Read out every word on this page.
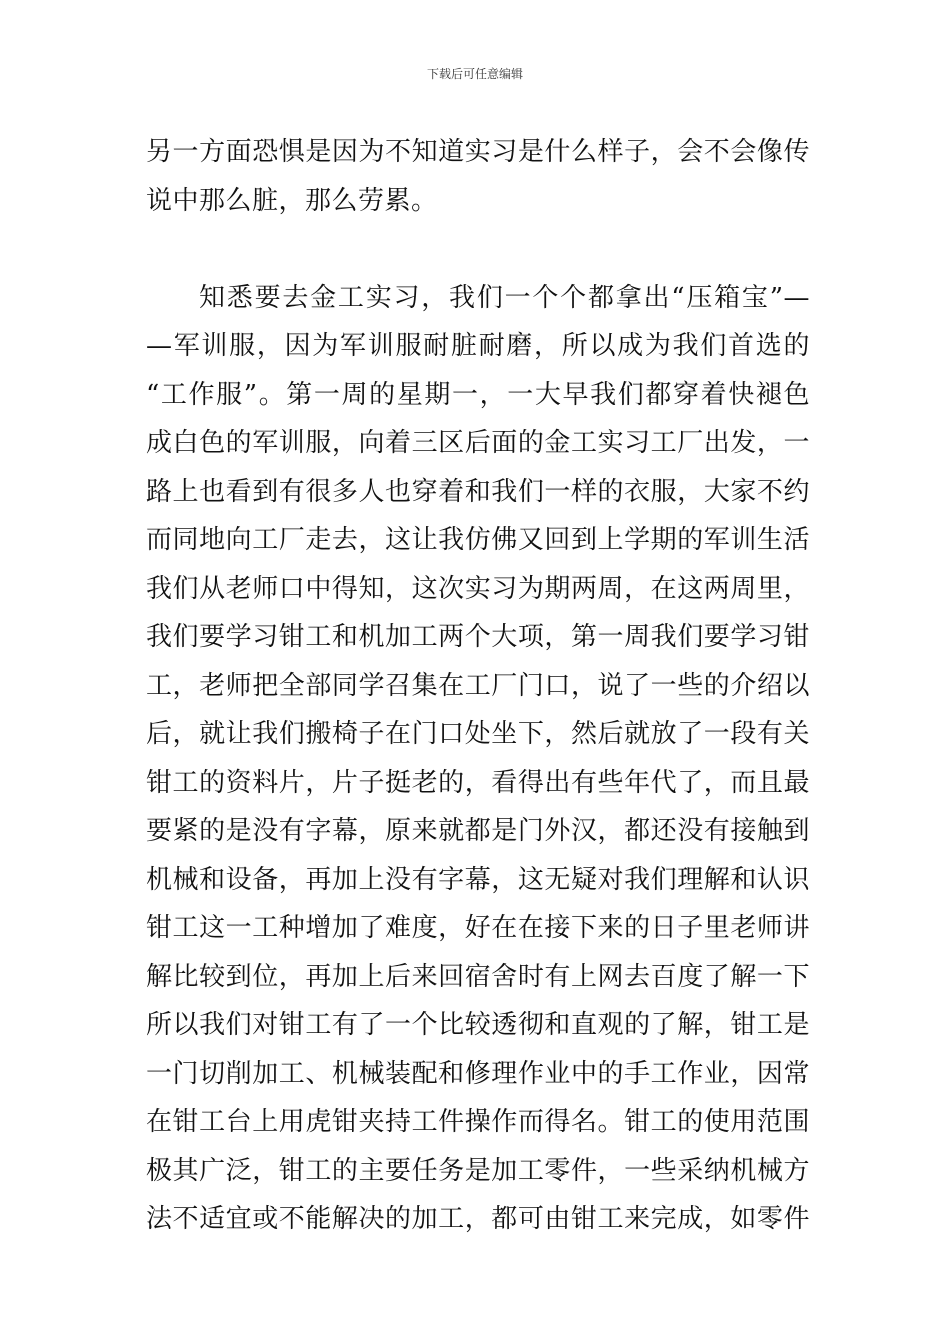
下载后可任意编辑
另一方面恐惧是因为不知道实习是什么样子，会不会像传
说中那么脏，那么劳累。
知悉要去金工实习，我们一个个都拿出“压箱宝”—
—军训服，因为军训服耐脏耐磨，所以成为我们首选的
“工作服”。第一周的星期一，一大早我们都穿着快褪色
成白色的军训服，向着三区后面的金工实习工厂出发，一
路上也看到有很多人也穿着和我们一样的衣服，大家不约
而同地向工厂走去，这让我仿佛又回到上学期的军训生活
我们从老师口中得知，这次实习为期两周，在这两周里，
我们要学习钳工和机加工两个大项，第一周我们要学习钳
工，老师把全部同学召集在工厂门口，说了一些的介绍以
后，就让我们搬椅子在门口处坐下，然后就放了一段有关
钳工的资料片，片子挺老的，看得出有些年代了，而且最
要紧的是没有字幕，原来就都是门外汉，都还没有接触到
机械和设备，再加上没有字幕，这无疑对我们理解和认识
钳工这一工种增加了难度，好在在接下来的日子里老师讲
解比较到位，再加上后来回宿舍时有上网去百度了解一下
所以我们对钳工有了一个比较透彻和直观的了解，钳工是
一门切削加工、机械装配和修理作业中的手工作业，因常
在钳工台上用虎钳夹持工件操作而得名。钳工的使用范围
极其广泛，钳工的主要任务是加工零件，一些采纳机械方
法不适宜或不能解决的加工，都可由钳工来完成，如零件
